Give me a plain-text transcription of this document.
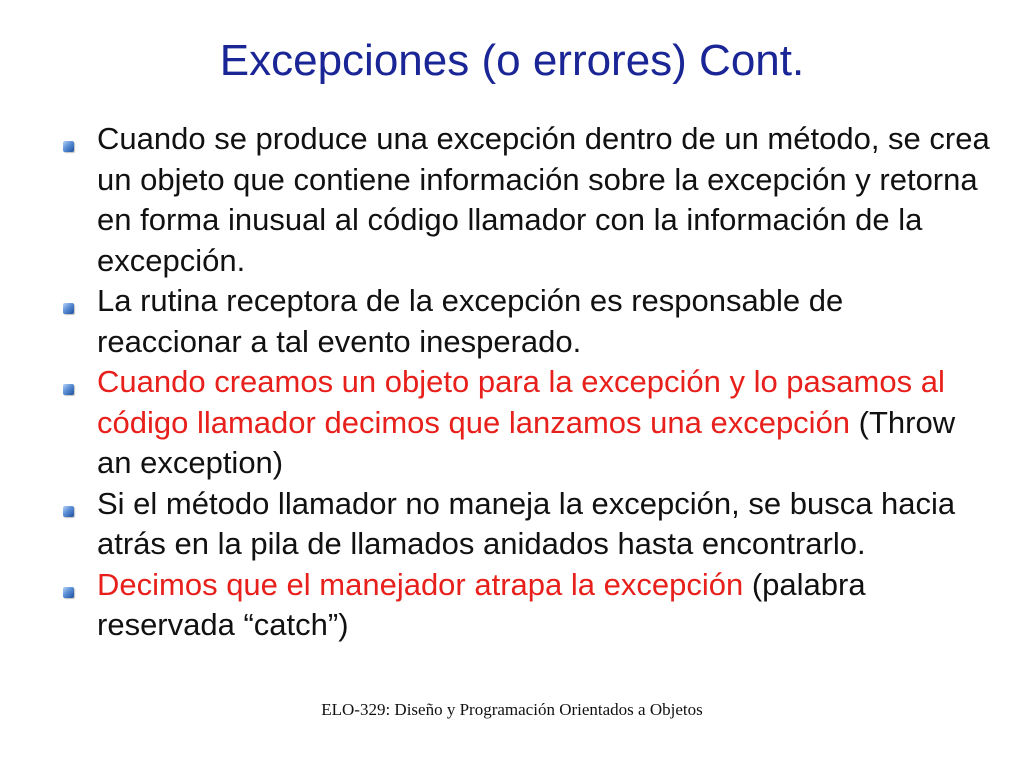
Excepciones (o errores) Cont.
Cuando se produce una excepción dentro de un método, se crea un objeto que contiene información sobre la excepción y retorna en forma inusual al código llamador con la información de la excepción.
La rutina receptora de la excepción es responsable de reaccionar a tal evento inesperado.
Cuando creamos un objeto para la excepción y lo pasamos al código llamador decimos que lanzamos una excepción (Throw an exception)
Si el método llamador no maneja la excepción, se busca hacia atrás en la pila de llamados anidados hasta encontrarlo.
Decimos que el manejador atrapa la excepción (palabra reservada “catch”)
ELO-329: Diseño y Programación Orientados a Objetos
